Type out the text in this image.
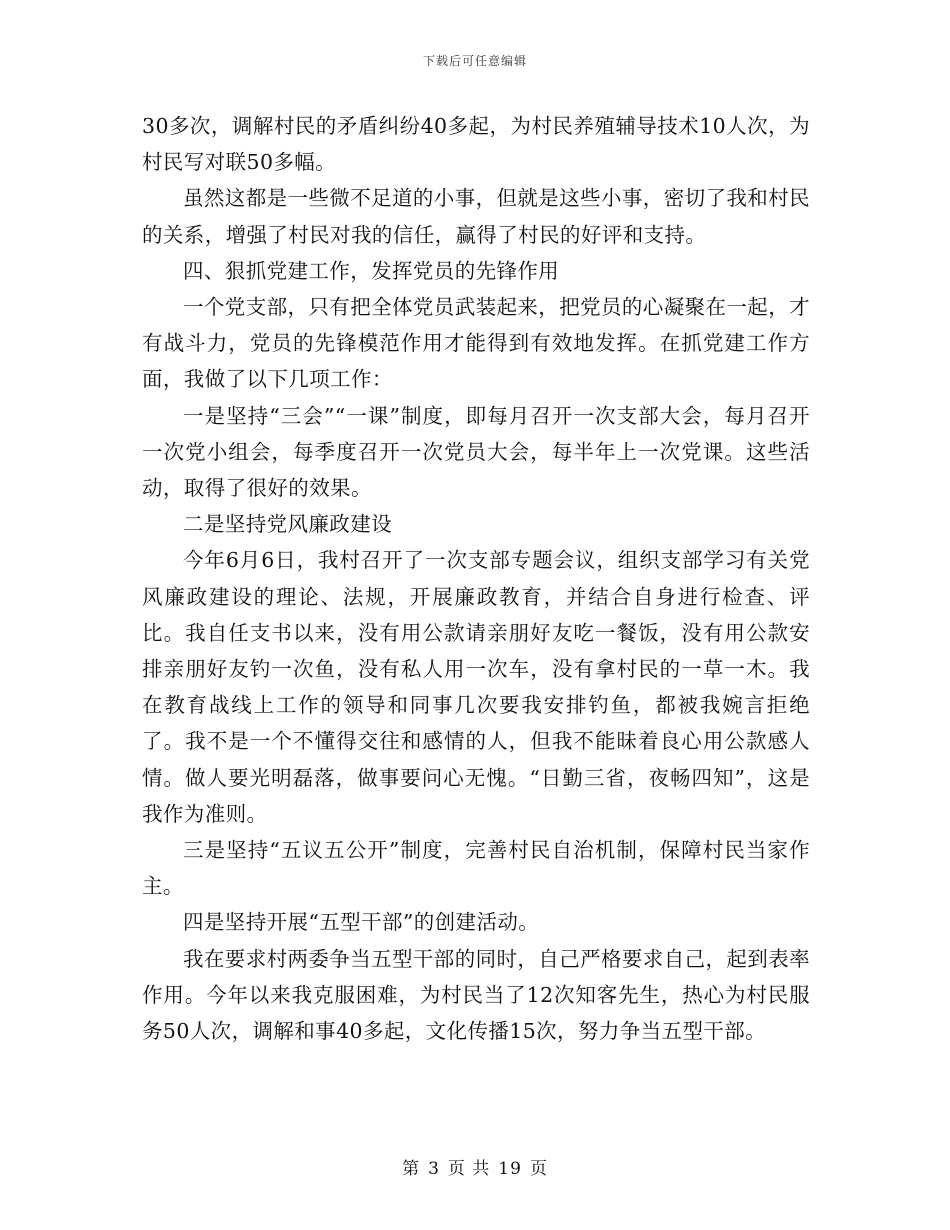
下载后可任意编辑

30多次，调解村民的矛盾纠纷40多起，为村民养殖辅导技术10人次，为村民写对联50多幅。

虽然这都是一些微不足道的小事，但就是这些小事，密切了我和村民的关系，增强了村民对我的信任，赢得了村民的好评和支持。

四、狠抓党建工作，发挥党员的先锋作用

一个党支部，只有把全体党员武装起来，把党员的心凝聚在一起，才有战斗力，党员的先锋模范作用才能得到有效地发挥。在抓党建工作方面，我做了以下几项工作：

一是坚持“三会”“一课”制度，即每月召开一次支部大会，每月召开一次党小组会，每季度召开一次党员大会，每半年上一次党课。这些活动，取得了很好的效果。

二是坚持党风廉政建设

今年6月6日，我村召开了一次支部专题会议，组织支部学习有关党风廉政建设的理论、法规，开展廉政教育，并结合自身进行检查、评比。我自任支书以来，没有用公款请亲朋好友吃一餐饭，没有用公款安排亲朋好友钓一次鱼，没有私人用一次车，没有拿村民的一草一木。我在教育战线上工作的领导和同事几次要我安排钓鱼，都被我婉言拒绝了。我不是一个不懂得交往和感情的人，但我不能昧着良心用公款感人情。做人要光明磊落，做事要问心无愧。“日勤三省，夜畅四知”，这是我作为准则。

三是坚持“五议五公开”制度，完善村民自治机制，保障村民当家作主。

四是坚持开展“五型干部”的创建活动。

我在要求村两委争当五型干部的同时，自己严格要求自己，起到表率作用。今年以来我克服困难，为村民当了12次知客先生，热心为村民服务50人次，调解和事40多起，文化传播15次，努力争当五型干部。

第 3 页 共 19 页
